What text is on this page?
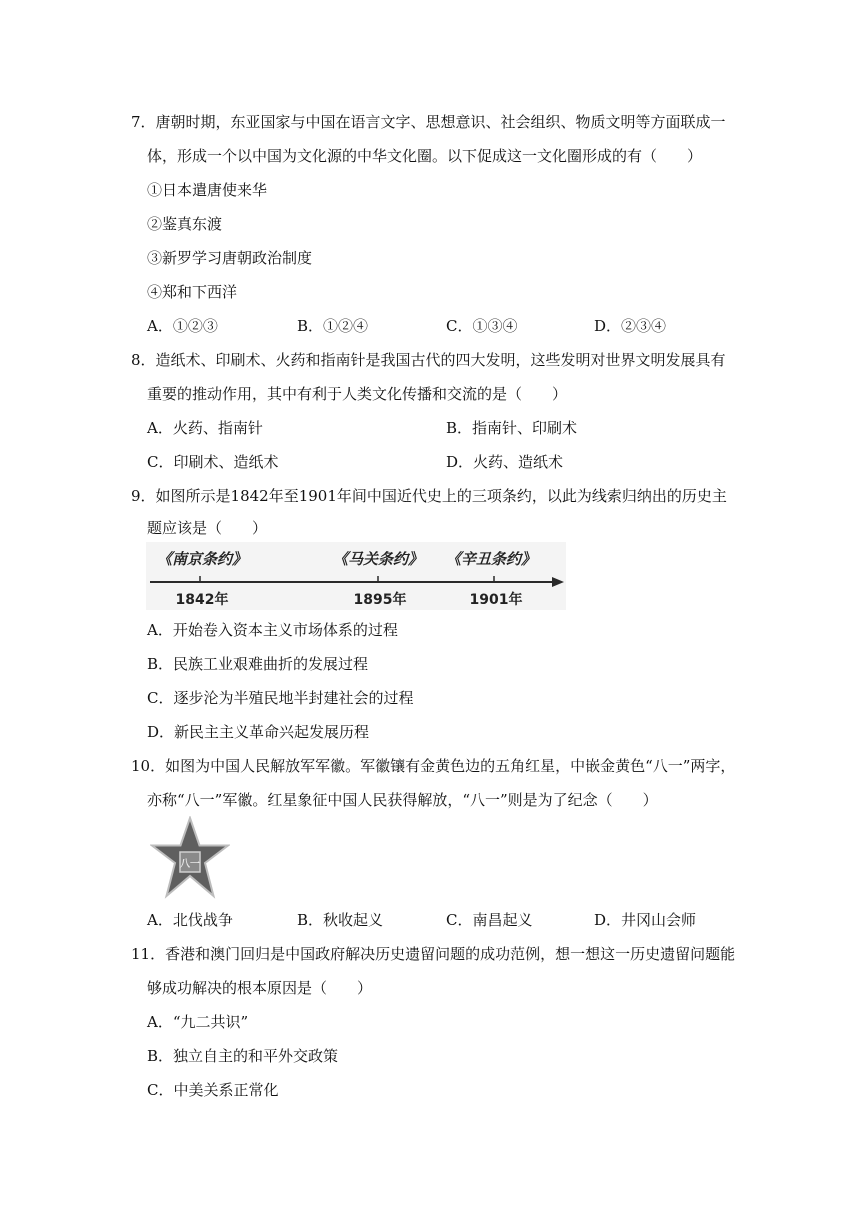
7．唐朝时期，东亚国家与中国在语言文字、思想意识、社会组织、物质文明等方面联成一
体，形成一个以中国为文化源的中华文化圈。以下促成这一文化圈形成的有（　　）
①日本遣唐使来华
②鉴真东渡
③新罗学习唐朝政治制度
④郑和下西洋
A．①②③	B．①②④	C．①③④	D．②③④
8．造纸术、印刷术、火药和指南针是我国古代的四大发明，这些发明对世界文明发展具有
重要的推动作用，其中有利于人类文化传播和交流的是（　　）
A．火药、指南针	B．指南针、印刷术
C．印刷术、造纸术	D．火药、造纸术
9．如图所示是1842年至1901年间中国近代史上的三项条约，以此为线索归纳出的历史主
题应该是（　　）
《南京条约》	《马关条约》 《辛丑条约》
1842年	1895年	1901年
A．开始卷入资本主义市场体系的过程
B．民族工业艰难曲折的发展过程
C．逐步沦为半殖民地半封建社会的过程
D．新民主主义革命兴起发展历程
10．如图为中国人民解放军军徽。军徽镶有金黄色边的五角红星，中嵌金黄色“八一”两字，
亦称“八一”军徽。红星象征中国人民获得解放，“八一”则是为了纪念（　　）
八一
A．北伐战争	B．秋收起义	C．南昌起义	D．井冈山会师
11．香港和澳门回归是中国政府解决历史遗留问题的成功范例，想一想这一历史遗留问题能
够成功解决的根本原因是（　　）
A．“九二共识”
B．独立自主的和平外交政策
C．中美关系正常化
